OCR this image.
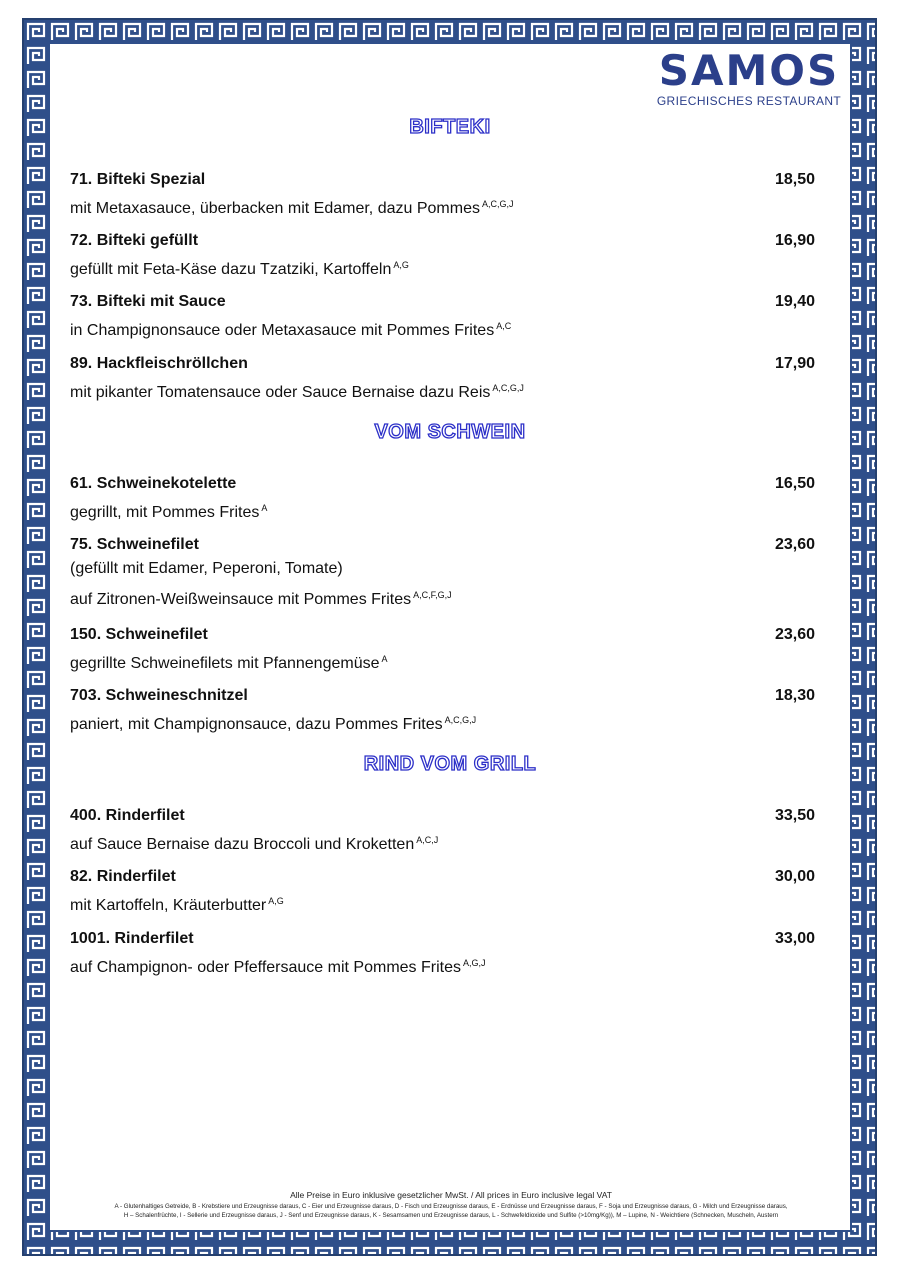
SAMOS
GRIECHISCHES RESTAURANT
BIFTEKI
71. Bifteki Spezial	18,50
mit Metaxasauce, überbacken mit Edamer, dazu Pommes $^{A,C,G,J}$
72. Bifteki gefüllt	16,90
gefüllt mit Feta-Käse dazu Tzatziki, Kartoffeln $^{A,G}$
73. Bifteki mit Sauce	19,40
in Champignonsauce oder Metaxasauce mit Pommes Frites $^{A,C}$
89. Hackfleischröllchen	17,90
mit pikanter Tomatensauce oder Sauce Bernaise dazu Reis $^{A,C,G,J}$
VOM SCHWEIN
61. Schweinekotelette	16,50
gegrillt, mit Pommes Frites $^A$
75. Schweinefilet	23,60
(gefüllt mit Edamer, Peperoni, Tomate)
auf Zitronen-Weißweinsauce mit Pommes Frites $^{A,C,F,G,J}$
150. Schweinefilet	23,60
gegrillte Schweinefilets mit Pfannengemüse $^A$
703. Schweineschnitzel	18,30
paniert, mit Champignonsauce, dazu Pommes Frites $^{A,C,G,J}$
RIND VOM GRILL
400. Rinderfilet	33,50
auf Sauce Bernaise dazu Broccoli und Kroketten $^{A,C,J}$
82. Rinderfilet	30,00
mit Kartoffeln, Kräuterbutter $^{A,G}$
1001. Rinderfilet	33,00
auf Champignon- oder Pfeffersauce mit Pommes Frites $^{A,G,J}$
Alle Preise in Euro inklusive gesetzlicher MwSt. / All prices in Euro inclusive legal VAT
A - Glutenhaltiges Getreide, B - Krebstiere und Erzeugnisse daraus, C - Eier und Erzeugnisse daraus, D - Fisch und Erzeugnisse daraus, E - Erdnüsse und Erzeugnisse daraus, F - Soja und Erzeugnisse daraus, G - Milch und Erzeugnisse daraus,
H – Schalenfrüchte, I - Sellerie und Erzeugnisse daraus, J - Senf und Erzeugnisse daraus, K - Sesamsamen und Erzeugnisse daraus, L - Schwefeldioxide und Sulfite (>10mg/Kg)), M – Lupine, N - Weichtiere (Schnecken, Muscheln, Austern
